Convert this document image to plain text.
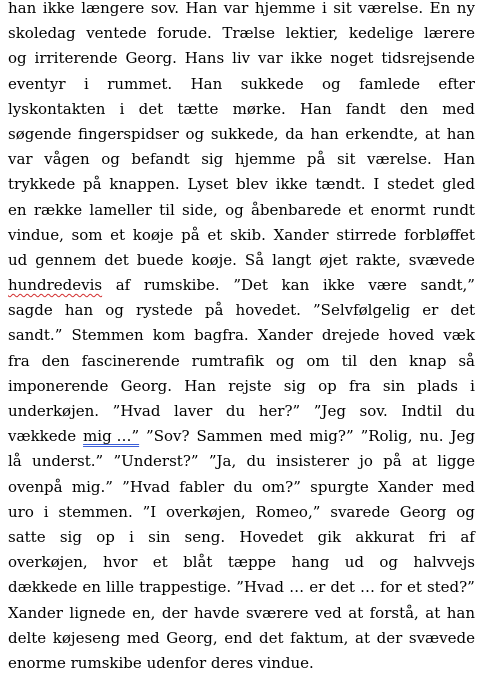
han ikke længere sov. Han var hjemme i sit værelse. En ny
skoledag ventede forude. Trælse lektier, kedelige lærere
og irriterende Georg. Hans liv var ikke noget tidsrejsende
eventyr i rummet. Han sukkede og famlede efter
lyskontakten i det tætte mørke. Han fandt den med
søgende fingerspidser og sukkede, da han erkendte, at han
var vågen og befandt sig hjemme på sit værelse. Han
trykkede på knappen. Lyset blev ikke tændt. I stedet gled
en række lameller til side, og åbenbarede et enormt rundt
vindue, som et koøje på et skib. Xander stirrede forbløffet
ud gennem det buede koøje. Så langt øjet rakte, svævede
hundredevis af rumskibe. ”Det kan ikke være sandt,”
sagde han og rystede på hovedet. ”Selvfølgelig er det
sandt.” Stemmen kom bagfra. Xander drejede hoved væk
fra den fascinerende rumtrafik og om til den knap så
imponerende Georg. Han rejste sig op fra sin plads i
underkøjen. ”Hvad laver du her?” ”Jeg sov. Indtil du
vækkede mig …” ”Sov? Sammen med mig?” ”Rolig, nu. Jeg
lå underst.” ”Underst?” ”Ja, du insisterer jo på at ligge
ovenpå mig.” ”Hvad fabler du om?” spurgte Xander med
uro i stemmen. ”I overkøjen, Romeo,” svarede Georg og
satte sig op i sin seng. Hovedet gik akkurat fri af
overkøjen, hvor et blåt tæppe hang ud og halvvejs
dækkede en lille trappestige. ”Hvad … er det … for et sted?”
Xander lignede en, der havde sværere ved at forstå, at han
delte køjeseng med Georg, end det faktum, at der svævede
enorme rumskibe udenfor deres vindue.
